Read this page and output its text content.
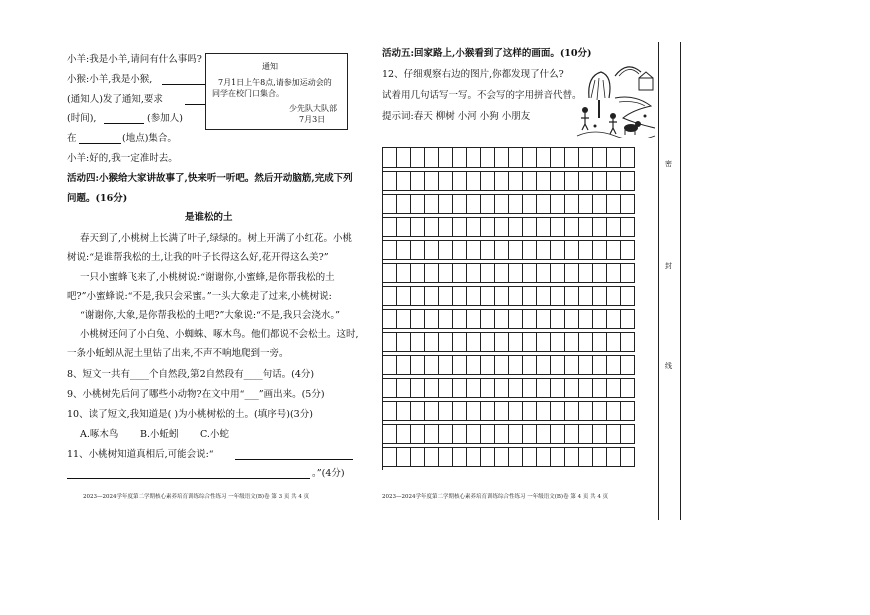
小羊:我是小羊,请问有什么事吗?
小猴:小羊,我是小猴,
(通知人)发了通知,要求
(时间),	(参加人)
在	(地点)集合。
小羊:好的,我一定准时去。
通知
7月1日上午8点,请参加运动会的
同学在校门口集合。
少先队大队部
7月3日
活动四:小猴给大家讲故事了,快来听一听吧。然后开动脑筋,完成下列
问题。(16分)
是谁松的土
春天到了,小桃树上长满了叶子,绿绿的。树上开满了小红花。小桃
树说:“是谁帮我松的土,让我的叶子长得这么好,花开得这么美?”
一只小蜜蜂飞来了,小桃树说:“谢谢你,小蜜蜂,是你帮我松的土
吧?”小蜜蜂说:“不是,我只会采蜜。”一头大象走了过来,小桃树说:
“谢谢你,大象,是你帮我松的土吧?”大象说:“不是,我只会浇水。”
小桃树还问了小白兔、小蜘蛛、啄木鸟。他们都说不会松土。这时,
一条小蚯蚓从泥土里钻了出来,不声不响地爬到一旁。
8、短文一共有____个自然段,第2自然段有____句话。(4分)
9、小桃树先后问了哪些小动物?在文中用“___”画出来。(5分)
10、读了短文,我知道是( )为小桃树松的土。(填序号)(3分)
A.啄木鸟 B.小蚯蚓 C.小蛇
11、小桃树知道真相后,可能会说:“
。”(4分)
2023—2024学年度第二学期核心素养培育训练综合性练习 一年级语文(B)卷 第 3 页 共 4 页
活动五:回家路上,小猴看到了这样的画面。(10分)
12、仔细观察右边的图片,你都发现了什么?
试着用几句话写一写。不会写的字用拼音代替。
提示词:春天 柳树 小河 小狗 小朋友
密
封
线
2023—2024学年度第二学期核心素养培育训练综合性练习 一年级语文(B)卷 第 4 页 共 4 页
